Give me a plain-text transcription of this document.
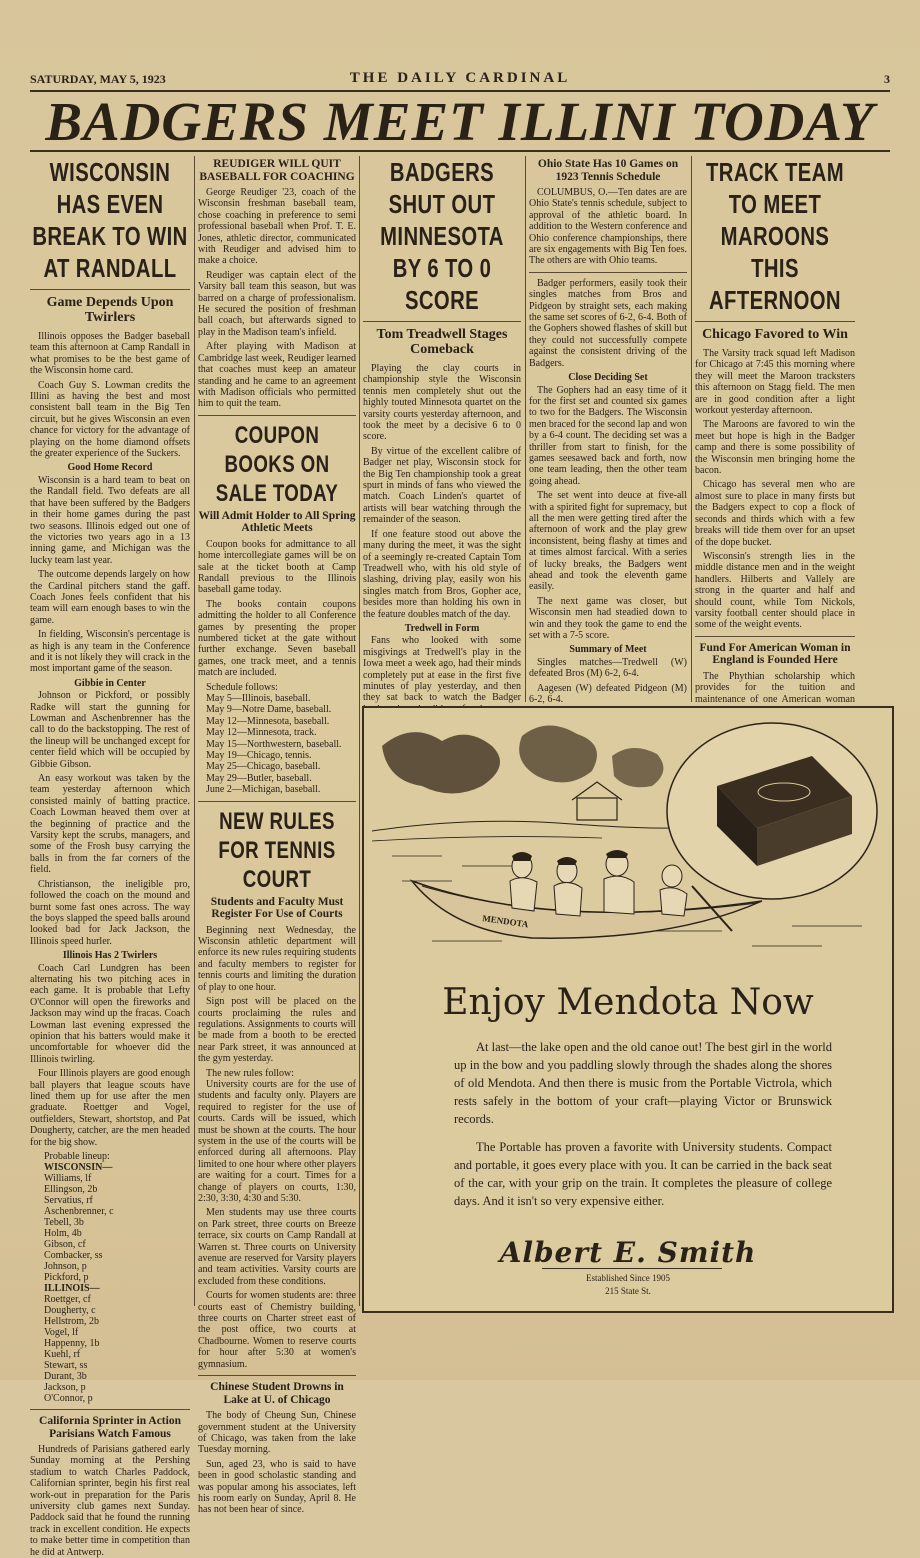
SATURDAY, MAY 5, 1923	THE DAILY CARDINAL	3
BADGERS MEET ILLINI TODAY
WISCONSIN HAS EVEN BREAK TO WIN AT RANDALL
Game Depends Upon Twirlers

Illinois opposes the Badger baseball team this afternoon at Camp Randall in what promises to be the best game of the Wisconsin home card.

Coach Guy S. Lowman credits the Illini as having the best and most consistent ball team in the Big Ten circuit, but he gives Wisconsin an even chance for victory for the advantage of playing on the home diamond offsets the greater experience of the Suckers.

Good Home Record

Wisconsin is a hard team to beat on the Randall field. Two defeats are all that have been suffered by the Badgers in their home games during the past two seasons. Illinois edged out one of the victories two years ago in a 13 inning game, and Michigan was the lucky team last year.

The outcome depends largely on how the Cardinal pitchers stand the gaff. Coach Jones feels confident that his team will earn enough bases to win the game.

In fielding, Wisconsin's percentage is as high is any team in the Conference and it is not likely they will crack in the most important game of the season.

Gibbie in Center

Johnson or Pickford, or possibly Radke will start the gunning for Lowman and Aschenbrenner has the call to do the backstopping. The rest of the lineup will be unchanged except for center field which will be occupied by Gibbie Gibson.

An easy workout was taken by the team yesterday afternoon which consisted mainly of batting practice. Coach Lowman heaved them over at the beginning of practice and the Varsity kept the scrubs, managers, and some of the Frosh busy carrying the balls in from the far corners of the field.

Christianson, the ineligible pro, followed the coach on the mound and burnt some fast ones across. The way the boys slapped the speed balls around looked bad for Jack Jackson, the Illinois speed hurler.

Illinois Has 2 Twirlers

Coach Carl Lundgren has been alternating his two pitching aces in each game. It is probable that Lefty O'Connor will open the fireworks and Jackson may wind up the fracas. Coach Lowman last evening expressed the opinion that his batters would make it uncomfortable for whoever did the Illinois twirling.

Four Illinois players are good enough ball players that league scouts have lined them up for use after the men graduate. Roettger and Vogel, outfielders, Stewart, shortstop, and Pat Dougherty, catcher, are the men headed for the big show.

Probable lineup:
WISCONSIN—
Williams, lf
Ellingson, 2b
Servatius, rf
Aschenbrenner, c
Tebell, 3b
Holm, 4b
Gibson, cf
Combacker, ss
Johnson, p
Pickford, p
ILLINOIS—
Roettger, cf
Dougherty, c
Hellstrom, 2b
Vogel, lf
Happenny, 1b
Kuehl, rf
Stewart, ss
Durant, 3b
Jackson, p
O'Connor, p
California Sprinter in Action Parisians Watch Famous

Hundreds of Parisians gathered early Sunday morning at the Pershing stadium to watch Charles Paddock, Californian sprinter, begin his first real work-out in preparation for the Paris university club games next Sunday. Paddock said that he found the running track in excellent condition. He expects to make better time in competition than he did at Antwerp.

REUDIGER WILL QUIT BASEBALL FOR COACHING

George Reudiger '23, coach of the Wisconsin freshman baseball team, chose coaching in preference to semi professional baseball when Prof. T. E. Jones, athletic director, communicated with Reudiger and advised him to make a choice.

Reudiger was captain elect of the Varsity ball team this season, but was barred on a charge of professionalism. He secured the position of freshman ball coach, but afterwards signed to play in the Madison team's infield.

After playing with Madison at Cambridge last week, Reudiger learned that coaches must keep an amateur standing and he came to an agreement with Madison officials who permitted him to quit the team.

COUPON BOOKS ON SALE TODAY
Will Admit Holder to All Spring Athletic Meets

Coupon books for admittance to all home intercollegiate games will be on sale at the ticket booth at Camp Randall previous to the Illinois baseball game today.

The books contain coupons admitting the holder to all Conference games by presenting the proper numbered ticket at the gate without further exchange. Seven baseball games, one track meet, and a tennis match are included.

Schedule follows:
May 5—Illinois, baseball.
May 9—Notre Dame, baseball.
May 12—Minnesota, baseball.
May 12—Minnesota, track.
May 15—Northwestern, baseball.
May 19—Chicago, tennis.
May 25—Chicago, baseball.
May 29—Butler, baseball.
June 2—Michigan, baseball.
NEW RULES FOR TENNIS COURT
Students and Faculty Must Register For Use of Courts

Beginning next Wednesday, the Wisconsin athletic department will enforce its new rules requiring students and faculty members to register for tennis courts and limiting the duration of play to one hour.

Sign post will be placed on the courts proclaiming the rules and regulations. Assignments to courts will be made from a booth to be erected near Park street, it was announced at the gym yesterday.

The new rules follow:

University courts are for the use of students and faculty only. Players are required to register for the use of courts. Cards will be issued, which must be shown at the courts. The hour system in the use of the courts will be enforced during all afternoons. Play limited to one hour where other players are waiting for a court. Times for a change of players on courts, 1:30, 2:30, 3:30, 4:30 and 5:30.

Men students may use three courts on Park street, three courts on Breeze terrace, six courts on Camp Randall at Warren st. Three courts on University avenue are reserved for Varsity players and team activities. Varsity courts are excluded from these conditions.

Courts for women students are: three courts east of Chemistry building, three courts on Charter street east of the post office, two courts at Chadbourne. Women to reserve courts for hour after 5:30 at women's gymnasium.

Chinese Student Drowns in Lake at U. of Chicago

The body of Cheung Sun, Chinese government student at the University of Chicago, was taken from the lake Tuesday morning.

Sun, aged 23, who is said to have been in good scholastic standing and was popular among his associates, left his room early on Sunday, April 8. He has not been hear of since.

BADGERS SHUT OUT MINNESOTA BY 6 TO 0 SCORE
Tom Treadwell Stages Comeback

Playing the clay courts in championship style the Wisconsin tennis men completely shut out the highly touted Minnesota quartet on the varsity courts yesterday afternoon, and took the meet by a decisive 6 to 0 score.

By virtue of the excellent calibre of Badger net play, Wisconsin stock for the Big Ten championship took a great spurt in minds of fans who viewed the match. Coach Linden's quartet of artists will bear watching through the remainder of the season.

If one feature stood out above the many during the meet, it was the sight of a seemingly re-created Captain Tom Treadwell who, with his old style of slashing, driving play, easily won his singles match from Bros, Gopher ace, besides more than holding his own in the feature doubles match of the day.

Tredwell in Form

Fans who looked with some misgivings at Tredwell's play in the Iowa meet a week ago, had their minds completely put at ease in the first five minutes of play yesterday, and then they sat back to watch the Badger

Ohio State Has 10 Games on 1923 Tennis Schedule

COLUMBUS, O.—Ten dates are are Ohio State's tennis schedule, subject to approval of the athletic board. In addition to the Western conference and Ohio conference championships, there are six engagements with Big Ten foes. The others are with Ohio teams.

Badger performers, easily took their singles matches from Bros and Pidgeon by straight sets, each making the same set scores of 6-2, 6-4. Both of the Gophers showed flashes of skill but they could not successfully compete against the consistent driving of the Badgers.

Close Deciding Set

The Gophers had an easy time of it for the first set and counted six games to two for the Badgers. The Wisconsin men braced for the second lap and won by a 6-4 count. The deciding set was a thriller from start to finish, for the games seesawed back and forth, now one team leading, then the other team going ahead.

The set went into deuce at five-all with a spirited fight for supremacy, but all the men were getting tired after the afternoon of work and the play grew inconsistent, being flashy at times and at times almost farcical. With a series of lucky breaks, the Badgers went ahead and took the eleventh game easily.

The next game was closer, but Wisconsin men had steadied down to win and they took the game to end the set with a 7-5 score.

Summary of Meet

Singles matches—Tredwell (W) defeated Bros (M) 6-2, 6-4.

Aagesen (W) defeated Pidgeon (M) 6-2, 6-4.

TRACK TEAM TO MEET MAROONS THIS AFTERNOON
Chicago Favored to Win

The Varsity track squad left Madison for Chicago at 7:45 this morning where they will meet the Maroon tracksters this afternoon on Stagg field. The men are in good condition after a light workout yesterday afternoon.

The Maroons are favored to win the meet but hope is high in the Badger camp and there is some possibility of the Wisconsin men bringing home the bacon.

Chicago has several men who are almost sure to place in many firsts but the Badgers expect to cop a flock of seconds and thirds which with a few breaks will tide them over for an upset of the dope bucket.

Wisconsin's strength lies in the middle distance men and in the weight handlers. Hilberts and Vallely are strong in the quarter and half and should count, while Tom Nickols, varsity football center should place in some of the weight events.

Fund For American Woman in England is Founded Here

The Phythian scholarship which provides for the tuition and maintenance of one American woman

MENDOTA
Enjoy Mendota Now

At last—the lake open and the old canoe out! The best girl in the world up in the bow and you paddling slowly through the shades along the shores of old Mendota. And then there is music from the Portable Victrola, which rests safely in the bottom of your craft—playing Victor or Brunswick records.

The Portable has proven a favorite with University students. Compact and portable, it goes every place with you. It can be carried in the back seat of the car, with your grip on the train. It completes the pleasure of college days. And it isn't so very expensive either.

Albert E. Smith
Established Since 1905
215 State St.
